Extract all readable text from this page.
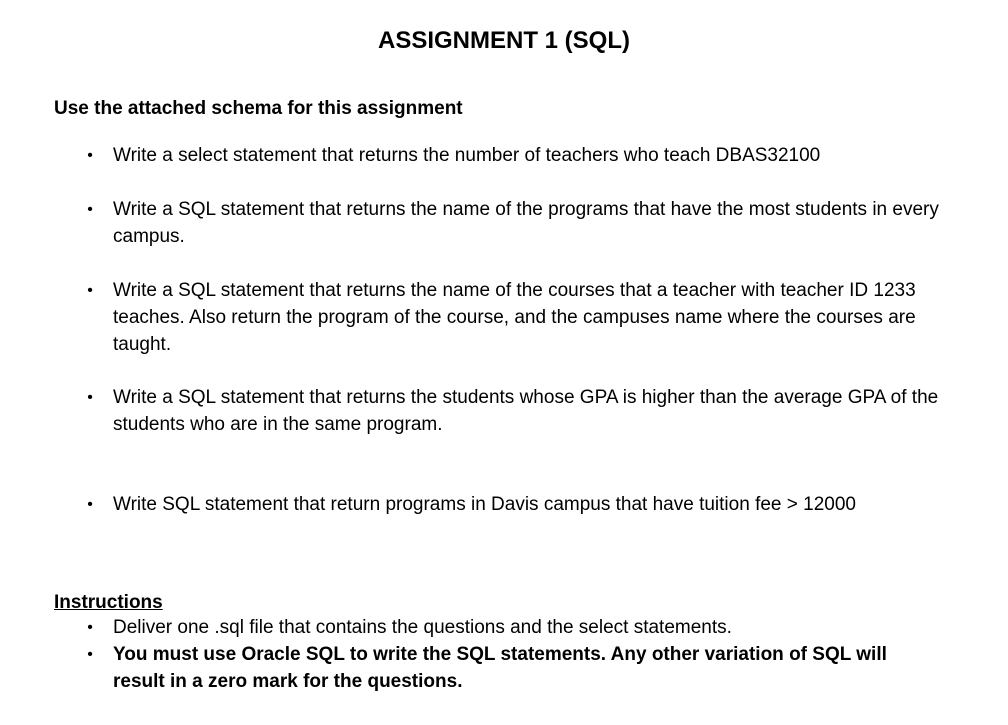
ASSIGNMENT 1 (SQL)
Use the attached schema for this assignment
• Write a select statement that returns the number of teachers who teach DBAS32100
• Write a SQL statement that returns the name of the programs that have the most students in every campus.
• Write a SQL statement that returns the name of the courses that a teacher with teacher ID 1233 teaches. Also return the program of the course, and the campuses name where the courses are taught.
• Write a SQL statement that returns the students whose GPA is higher than the average GPA of the students who are in the same program.
• Write SQL statement that return programs in Davis campus that have tuition fee > 12000
Instructions
• Deliver one .sql file that contains the questions and the select statements.
• You must use Oracle SQL to write the SQL statements. Any other variation of SQL will result in a zero mark for the questions.
